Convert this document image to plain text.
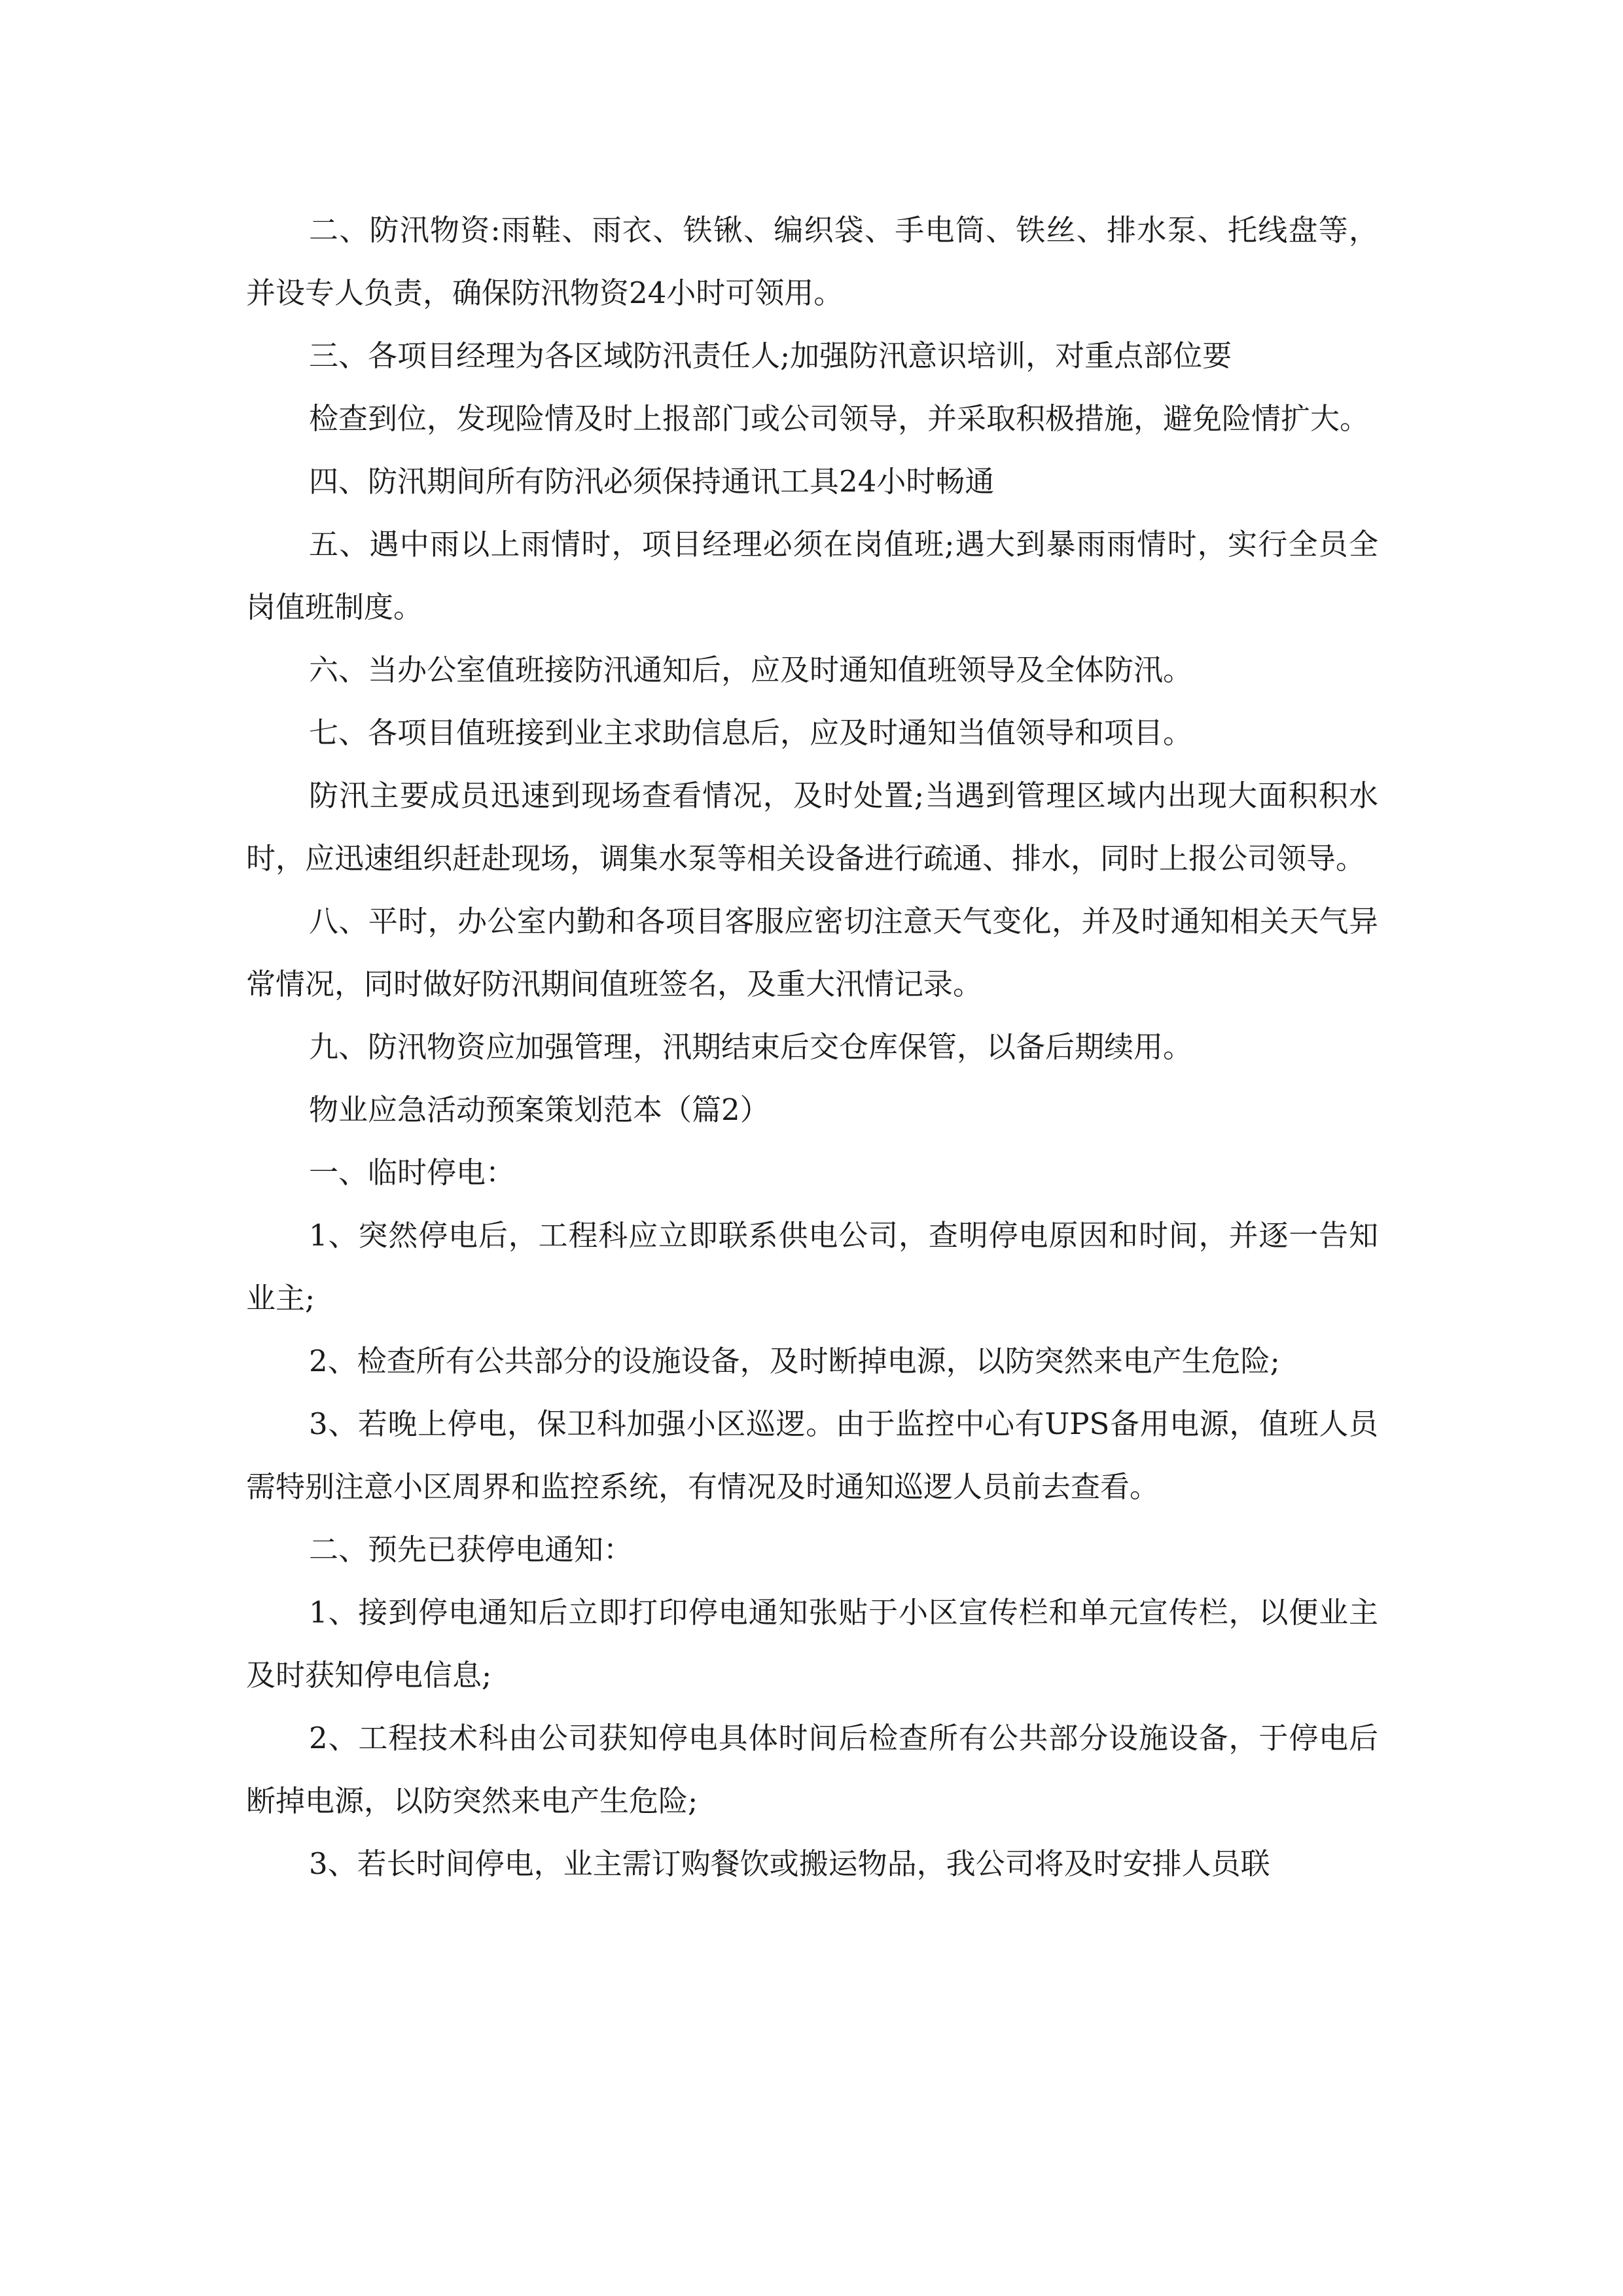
二、防汛物资:雨鞋、雨衣、铁锹、编织袋、手电筒、铁丝、排水泵、托线盘等，并设专人负责，确保防汛物资24小时可领用。

三、各项目经理为各区域防汛责任人;加强防汛意识培训，对重点部位要

检查到位，发现险情及时上报部门或公司领导，并采取积极措施，避免险情扩大。

四、防汛期间所有防汛必须保持通讯工具24小时畅通

五、遇中雨以上雨情时，项目经理必须在岗值班;遇大到暴雨雨情时，实行全员全岗值班制度。

六、当办公室值班接防汛通知后，应及时通知值班领导及全体防汛。

七、各项目值班接到业主求助信息后，应及时通知当值领导和项目。

防汛主要成员迅速到现场查看情况，及时处置;当遇到管理区域内出现大面积积水时，应迅速组织赶赴现场，调集水泵等相关设备进行疏通、排水，同时上报公司领导。

八、平时，办公室内勤和各项目客服应密切注意天气变化，并及时通知相关天气异常情况，同时做好防汛期间值班签名，及重大汛情记录。

九、防汛物资应加强管理，汛期结束后交仓库保管，以备后期续用。

物业应急活动预案策划范本（篇2）

一、临时停电：

1、突然停电后，工程科应立即联系供电公司，查明停电原因和时间，并逐一告知业主;

2、检查所有公共部分的设施设备，及时断掉电源，以防突然来电产生危险;

3、若晚上停电，保卫科加强小区巡逻。由于监控中心有UPS备用电源，值班人员需特别注意小区周界和监控系统，有情况及时通知巡逻人员前去查看。

二、预先已获停电通知：

1、接到停电通知后立即打印停电通知张贴于小区宣传栏和单元宣传栏，以便业主及时获知停电信息;

2、工程技术科由公司获知停电具体时间后检查所有公共部分设施设备，于停电后断掉电源，以防突然来电产生危险;

3、若长时间停电，业主需订购餐饮或搬运物品，我公司将及时安排人员联
